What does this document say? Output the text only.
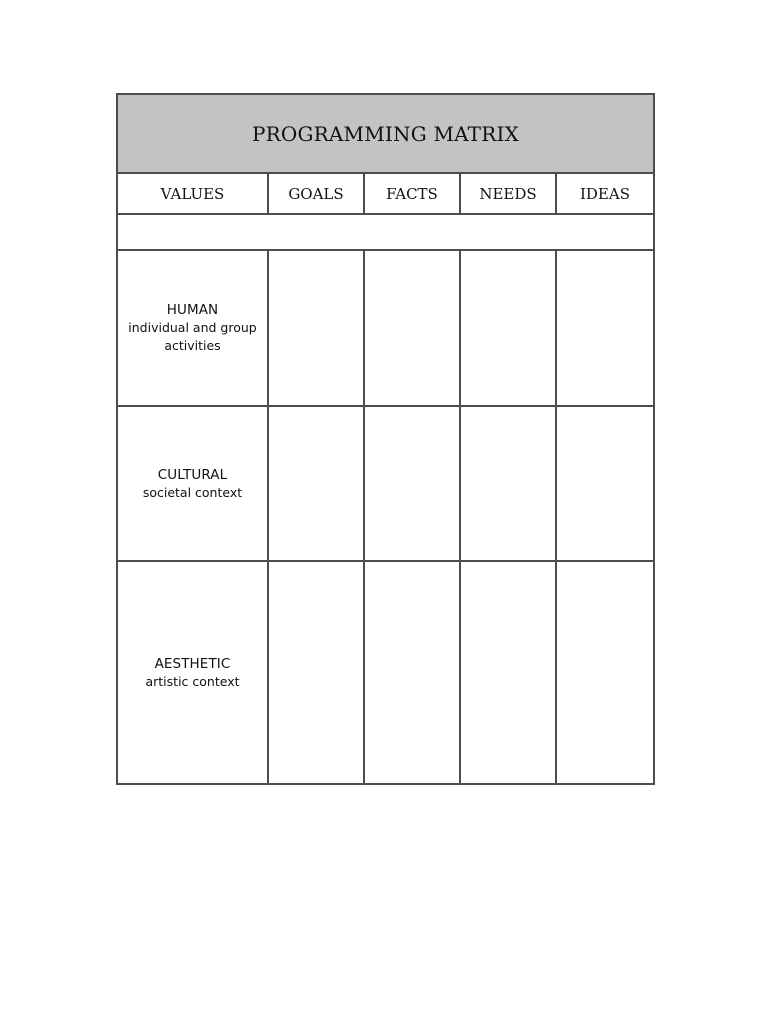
PROGRAMMING MATRIX				
VALUES	GOALS	FACTS	NEEDS	IDEAS

HUMAN
individual and group activities				

CULTURAL
societal context				

AESTHETIC
artistic context				
